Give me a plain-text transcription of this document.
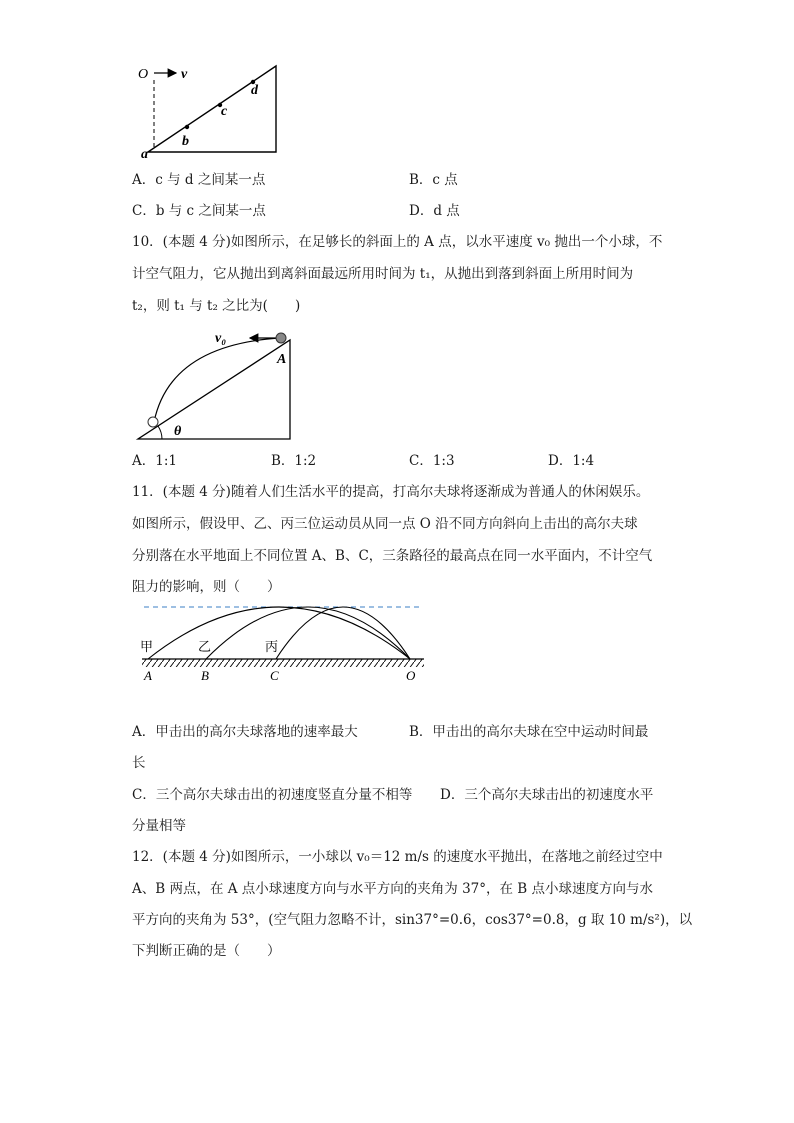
O v
a
b
c
d
A．c 与 d 之间某一点	B．c 点
C．b 与 c 之间某一点	D．d 点
10．(本题 4 分)如图所示，在足够长的斜面上的 A 点，以水平速度 v₀ 抛出一个小球，不
计空气阻力，它从抛出到离斜面最远所用时间为 t₁，从抛出到落到斜面上所用时间为
t₂，则 t₁ 与 t₂ 之比为(　　)
v₀
A
θ
A．1:1	B．1:2	C．1:3	D．1:4
11．(本题 4 分)随着人们生活水平的提高，打高尔夫球将逐渐成为普通人的休闲娱乐。
如图所示，假设甲、乙、丙三位运动员从同一点 O 沿不同方向斜向上击出的高尔夫球
分别落在水平地面上不同位置 A、B、C，三条路径的最高点在同一水平面内，不计空气
阻力的影响，则（　　）
甲	乙	丙
A	B	C	O
A．甲击出的高尔夫球落地的速率最大	B．甲击出的高尔夫球在空中运动时间最
长
C．三个高尔夫球击出的初速度竖直分量不相等 D．三个高尔夫球击出的初速度水平
分量相等
12．(本题 4 分)如图所示，一小球以 v₀＝12 m/s 的速度水平抛出，在落地之前经过空中
A、B 两点，在 A 点小球速度方向与水平方向的夹角为 37°，在 B 点小球速度方向与水
平方向的夹角为 53°，(空气阻力忽略不计，sin37°=0.6，cos37°=0.8，g 取 10 m/s²)，以
下判断正确的是（　　）
